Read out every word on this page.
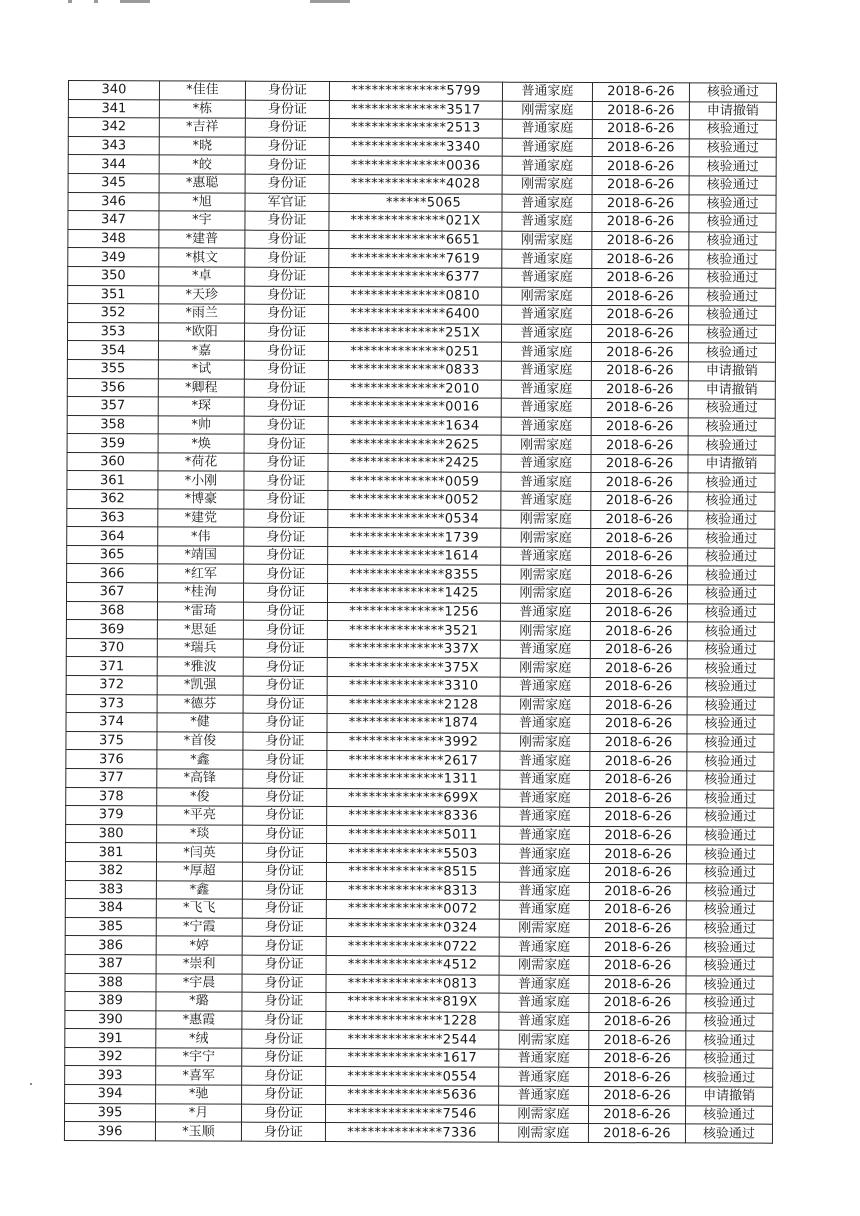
340	*佳佳	身份证	**************5799	普通家庭	2018-6-26	核验通过
341	*栋	身份证	**************3517	刚需家庭	2018-6-26	申请撤销
342	*吉祥	身份证	**************2513	普通家庭	2018-6-26	核验通过
343	*晓	身份证	**************3340	普通家庭	2018-6-26	核验通过
344	*皎	身份证	**************0036	普通家庭	2018-6-26	核验通过
345	*惠聪	身份证	**************4028	刚需家庭	2018-6-26	核验通过
346	*旭	军官证	******5065	普通家庭	2018-6-26	核验通过
347	*宇	身份证	**************021X	普通家庭	2018-6-26	核验通过
348	*建普	身份证	**************6651	刚需家庭	2018-6-26	核验通过
349	*棋文	身份证	**************7619	普通家庭	2018-6-26	核验通过
350	*卓	身份证	**************6377	普通家庭	2018-6-26	核验通过
351	*天珍	身份证	**************0810	刚需家庭	2018-6-26	核验通过
352	*雨兰	身份证	**************6400	普通家庭	2018-6-26	核验通过
353	*欧阳	身份证	**************251X	普通家庭	2018-6-26	核验通过
354	*嘉	身份证	**************0251	普通家庭	2018-6-26	核验通过
355	*试	身份证	**************0833	普通家庭	2018-6-26	申请撤销
356	*卿程	身份证	**************2010	普通家庭	2018-6-26	申请撤销
357	*琛	身份证	**************0016	普通家庭	2018-6-26	核验通过
358	*帅	身份证	**************1634	普通家庭	2018-6-26	核验通过
359	*焕	身份证	**************2625	刚需家庭	2018-6-26	核验通过
360	*荷花	身份证	**************2425	普通家庭	2018-6-26	申请撤销
361	*小刚	身份证	**************0059	普通家庭	2018-6-26	核验通过
362	*博豪	身份证	**************0052	普通家庭	2018-6-26	核验通过
363	*建党	身份证	**************0534	刚需家庭	2018-6-26	核验通过
364	*伟	身份证	**************1739	刚需家庭	2018-6-26	核验通过
365	*靖国	身份证	**************1614	普通家庭	2018-6-26	核验通过
366	*红军	身份证	**************8355	刚需家庭	2018-6-26	核验通过
367	*桂洵	身份证	**************1425	刚需家庭	2018-6-26	核验通过
368	*雷琦	身份证	**************1256	普通家庭	2018-6-26	核验通过
369	*思延	身份证	**************3521	刚需家庭	2018-6-26	核验通过
370	*瑞兵	身份证	**************337X	普通家庭	2018-6-26	核验通过
371	*雅波	身份证	**************375X	刚需家庭	2018-6-26	核验通过
372	*凯强	身份证	**************3310	普通家庭	2018-6-26	核验通过
373	*德芬	身份证	**************2128	刚需家庭	2018-6-26	核验通过
374	*健	身份证	**************1874	普通家庭	2018-6-26	核验通过
375	*首俊	身份证	**************3992	刚需家庭	2018-6-26	核验通过
376	*鑫	身份证	**************2617	普通家庭	2018-6-26	核验通过
377	*高锋	身份证	**************1311	普通家庭	2018-6-26	核验通过
378	*俊	身份证	**************699X	普通家庭	2018-6-26	核验通过
379	*平亮	身份证	**************8336	普通家庭	2018-6-26	核验通过
380	*琰	身份证	**************5011	普通家庭	2018-6-26	核验通过
381	*闫英	身份证	**************5503	普通家庭	2018-6-26	核验通过
382	*厚超	身份证	**************8515	普通家庭	2018-6-26	核验通过
383	*鑫	身份证	**************8313	普通家庭	2018-6-26	核验通过
384	*飞飞	身份证	**************0072	普通家庭	2018-6-26	核验通过
385	*宁霞	身份证	**************0324	刚需家庭	2018-6-26	核验通过
386	*婷	身份证	**************0722	普通家庭	2018-6-26	核验通过
387	*崇利	身份证	**************4512	刚需家庭	2018-6-26	核验通过
388	*宇晨	身份证	**************0813	普通家庭	2018-6-26	核验通过
389	*璐	身份证	**************819X	普通家庭	2018-6-26	核验通过
390	*惠霞	身份证	**************1228	普通家庭	2018-6-26	核验通过
391	*绒	身份证	**************2544	刚需家庭	2018-6-26	核验通过
392	*宇宁	身份证	**************1617	普通家庭	2018-6-26	核验通过
393	*喜军	身份证	**************0554	普通家庭	2018-6-26	核验通过
394	*驰	身份证	**************5636	普通家庭	2018-6-26	申请撤销
395	*月	身份证	**************7546	刚需家庭	2018-6-26	核验通过
396	*玉顺	身份证	**************7336	刚需家庭	2018-6-26	核验通过
